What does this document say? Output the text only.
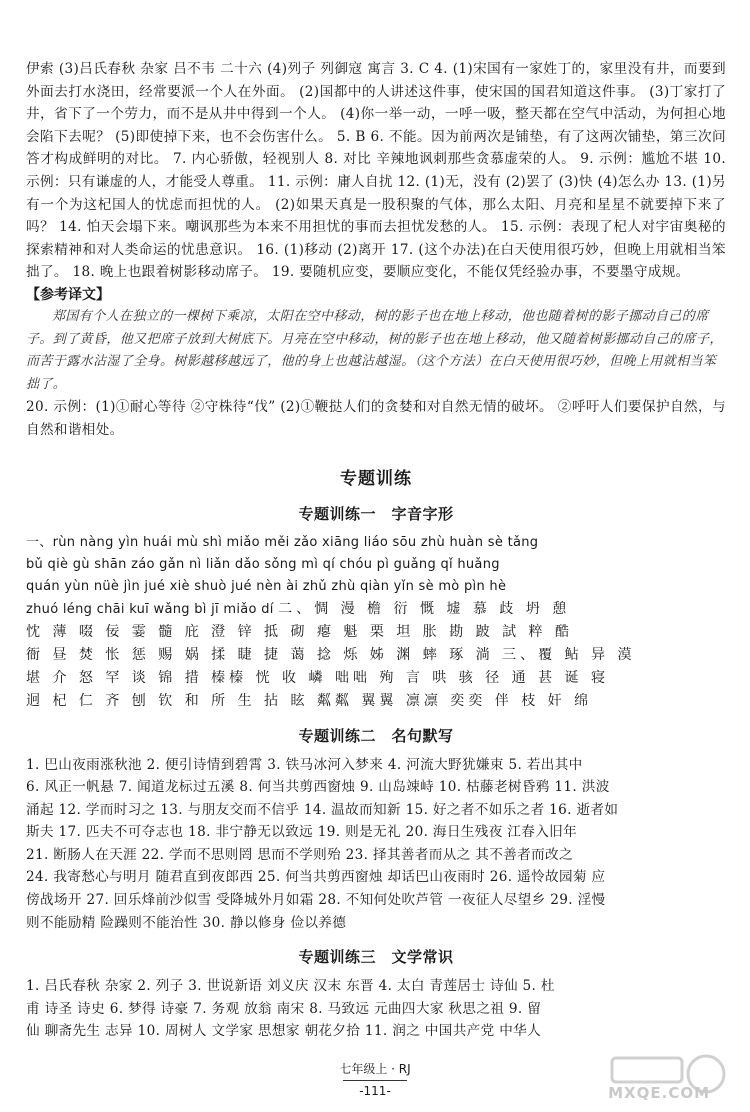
伊索 (3)吕氏春秋 杂家 吕不韦 二十六 (4)列子 列御寇 寓言 3. C 4. (1)宋国有一家姓丁的，家里没有井，而要到外面去打水浇田，经常要派一个人在外面。 (2)国都中的人讲述这件事，使宋国的国君知道这件事。 (3)丁家打了井，省下了一个劳力，而不是从井中得到一个人。 (4)你一举一动，一呼一吸，整天都在空气中活动，为何担心地会陷下去呢？ (5)即使掉下来，也不会伤害什么。 5. B 6. 不能。因为前两次是铺垫，有了这两次铺垫，第三次问答才构成鲜明的对比。 7. 内心骄傲，轻视别人 8. 对比 辛辣地讽刺那些贪慕虚荣的人。 9. 示例：尴尬不堪 10. 示例：只有谦虚的人，才能受人尊重。 11. 示例：庸人自扰 12. (1)无，没有 (2)罢了 (3)快 (4)怎么办 13. (1)另有一个为这杞国人的忧虑而担忧的人。 (2)如果天真是一股积聚的气体，那么太阳、月亮和星星不就要掉下来了吗？ 14. 怕天会塌下来。嘲讽那些为本来不用担忧的事而去担忧发愁的人。 15. 示例：表现了杞人对宇宙奥秘的探索精神和对人类命运的忧患意识。 16. (1)移动 (2)离开 17. (这个办法)在白天使用很巧妙，但晚上用就相当笨拙了。 18. 晚上也跟着树影移动席子。 19. 要随机应变，要顺应变化，不能仅凭经验办事，不要墨守成规。

【参考译文】

郑国有个人在独立的一棵树下乘凉，太阳在空中移动，树的影子也在地上移动，他也随着树的影子挪动自己的席子。到了黄昏，他又把席子放到大树底下。月亮在空中移动，树的影子也在地上移动，他又随着树影挪动自己的席子，而苦于露水沾湿了全身。树影越移越远了，他的身上也越沾越湿。（这个方法）在白天使用很巧妙，但晚上用就相当笨拙了。

20. 示例：(1)①耐心等待 ②守株待“伐” (2)①鞭挞人们的贪婪和对自然无情的破坏。 ②呼吁人们要保护自然，与自然和谐相处。

专题训练
专题训练一　字音字形

一、rùn nàng yìn huái mù shì miǎo měi zǎo xiāng liáo sōu zhù huàn sè tǎng

bǔ qiè gù shān záo gǎn nì liǎn dǎo sǒng mì qí chóu pì guǎng qǐ huǎng

quán yùn nüè jìn jué xiè shuò jué nèn ài zhǔ zhù qiàn yǐn sè mò pìn hè

zhuó léng chāi kuī wǎng bì jī miǎo dí 二、惆 漫 檐 衍 慨 墟 慕 歧 坍 憩

忱 薄 啜 佞 霎 髓 庇 澄 锌 抵 砌 瘪 魁 栗 坦 胀 勘 跛 試 粹 酷

衙 昼 焚 怅 惩 赐 娲 揉 睫 捷 蔼 捻 烁 姊 渊 蟀 琢 淌 三、覆 鲇 异 漠

堪 介 怒 罕 谈 锦 措 榛榛 恍 收 嶙 咄咄 殉 言 哄 骇 径 通 甚 诞 寝

迥 杞 仁 齐 刨 钦 和 所 生 拈 眩 粼粼 翼翼 凛凛 奕奕 伴 枝 奸 绵

专题训练二　名句默写

1. 巴山夜雨涨秋池 2. 便引诗情到碧霄 3. 铁马冰河入梦来 4. 河流大野犹嫌束 5. 若出其中

6. 风正一帆悬 7. 闻道龙标过五溪 8. 何当共剪西窗烛 9. 山岛竦峙 10. 枯藤老树昏鸦 11. 洪波

涌起 12. 学而时习之 13. 与朋友交而不信乎 14. 温故而知新 15. 好之者不如乐之者 16. 逝者如

斯夫 17. 匹夫不可夺志也 18. 非宁静无以致远 19. 则是无礼 20. 海日生残夜 江春入旧年

21. 断肠人在天涯 22. 学而不思则罔 思而不学则殆 23. 择其善者而从之 其不善者而改之

24. 我寄愁心与明月 随君直到夜郎西 25. 何当共剪西窗烛 却话巴山夜雨时 26. 遥怜故园菊 应

傍战场开 27. 回乐烽前沙似雪 受降城外月如霜 28. 不知何处吹芦管 一夜征人尽望乡 29. 淫慢

则不能励精 险躁则不能治性 30. 静以修身 俭以养德

专题训练三　文学常识

1. 吕氏春秋 杂家 2. 列子 3. 世说新语 刘义庆 汉末 东晋 4. 太白 青莲居士 诗仙 5. 杜

甫 诗圣 诗史 6. 梦得 诗豪 7. 务观 放翁 南宋 8. 马致远 元曲四大家 秋思之祖 9. 留

仙 聊斋先生 志异 10. 周树人 文学家 思想家 朝花夕拾 11. 润之 中国共产党 中华人

七年级上 · RJ
-111-	MXQE.COM
